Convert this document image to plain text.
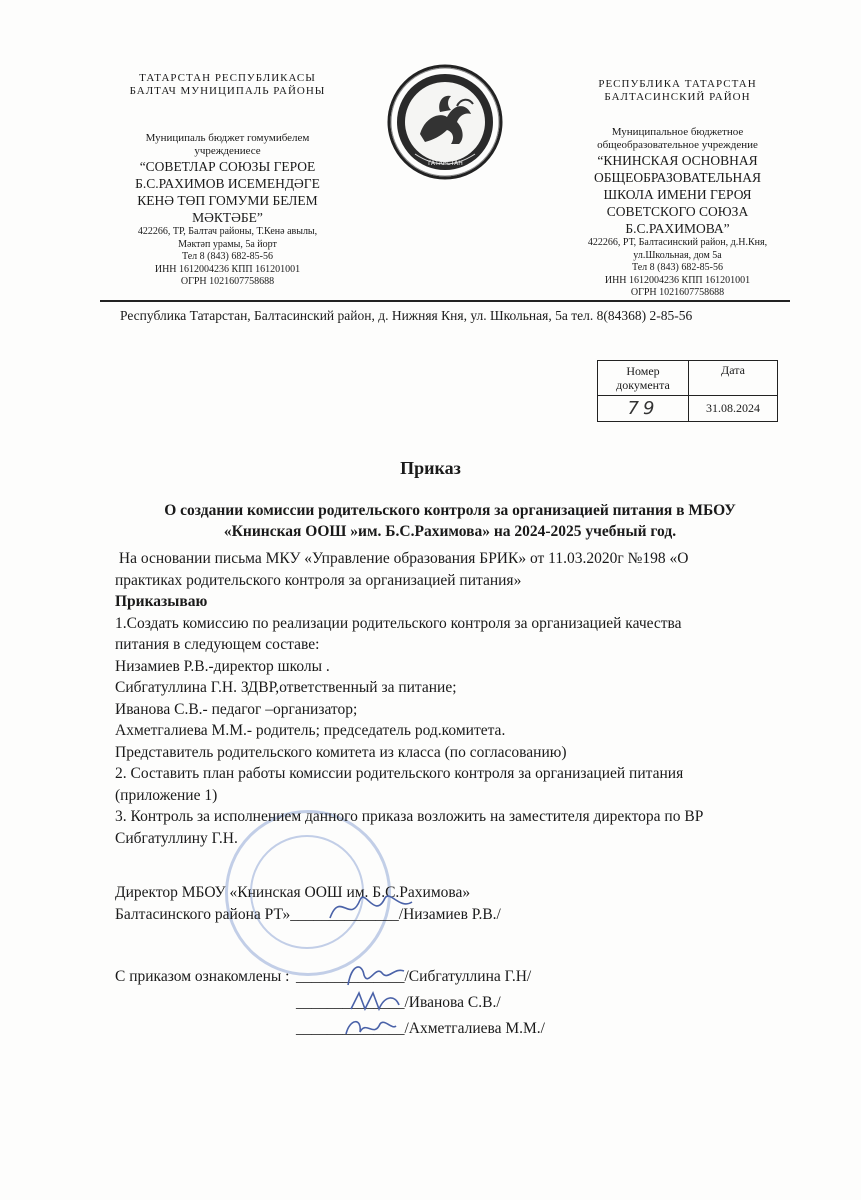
ТАТАРСТАН РЕСПУБЛИКАСЫ
БАЛТАЧ МУНИЦИПАЛЬ РАЙОНЫ
Муниципаль бюджет гомумибелем
учреждениесе
“СОВЕТЛАР СОЮЗЫ ГЕРОЕ
Б.С.РАХИМОВ ИСЕМЕНДӘГЕ
КЕНӘ ТӨП ГОМУМИ БЕЛЕМ
МӘКТӘБЕ”
422266, ТР, Балтач районы, Т.Кенә авылы,
Мәктәп урамы, 5а йорт
Тел 8 (843) 682-85-56
ИНН 1612004236 КПП 161201001
ОГРН 1021607758688
ТАТАРСТАН
РЕСПУБЛИКА ТАТАРСТАН
БАЛТАСИНСКИЙ РАЙОН
Муниципальное бюджетное
общеобразовательное учреждение
“КНИНСКАЯ ОСНОВНАЯ
ОБЩЕОБРАЗОВАТЕЛЬНАЯ
ШКОЛА ИМЕНИ ГЕРОЯ
СОВЕТСКОГО СОЮЗА
Б.С.РАХИМОВА”
422266, РТ, Балтасинский район, д.Н.Кня,
ул.Школьная, дом 5а
Тел 8 (843) 682-85-56
ИНН 1612004236 КПП 161201001
ОГРН 1021607758688
Республика Татарстан, Балтасинский район, д. Нижняя Кня, ул. Школьная, 5а тел. 8(84368) 2-85-56
Номер документа	Дата
79	31.08.2024
Приказ
О создании комиссии родительского контроля за организацией питания в МБОУ
«Книнская ООШ »им. Б.С.Рахимова» на 2024-2025 учебный год.

На основании письма МКУ «Управление образования БРИК» от 11.03.2020г №198 «О

практиках родительского контроля за организацией питания»

Приказываю

1.Создать комиссию по реализации родительского контроля за организацией качества

питания в следующем составе:

Низамиев Р.В.-директор школы .

Сибгатуллина Г.Н. ЗДВР,ответственный за питание;

Иванова С.В.- педагог –организатор;

Ахметгалиева М.М.- родитель; председатель род.комитета.

Представитель родительского комитета из класса (по согласованию)

2. Составить план работы комиссии родительского контроля за организацией питания

(приложение 1)

3. Контроль за исполнением данного приказа возложить на заместителя директора по ВР

Сибгатуллину Г.Н.

Директор МБОУ «Книнская ООШ им. Б.С.Рахимова»
Балтасинского района РТ»______________/Низамиев Р.В./
С приказом ознакомлены : ______________/Сибгатуллина Г.Н/
______________/Иванова С.В./
______________/Ахметгалиева М.М./
